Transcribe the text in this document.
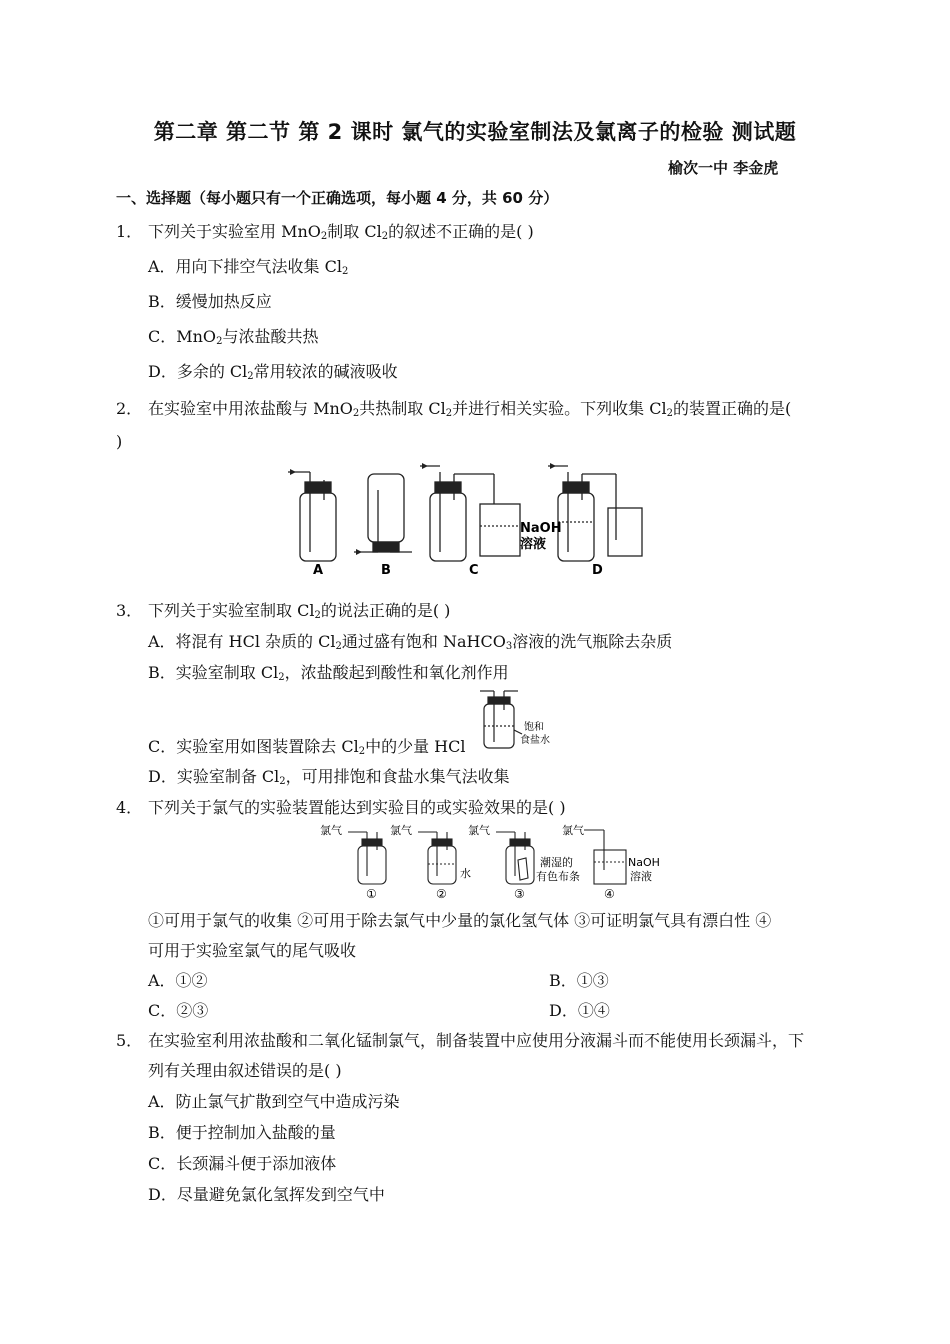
第二章 第二节 第 2 课时 氯气的实验室制法及氯离子的检验 测试题
榆次一中 李金虎
一、选择题（每小题只有一个正确选项，每小题 4 分，共 60 分）
1． 下列关于实验室用 MnO$_2$制取 $Cl_2$的叙述不正确的是( )
A．用向下排空气法收集 $Cl_2$
B．缓慢加热反应
C．MnO$_2$与浓盐酸共热
D．多余的 $Cl_2$常用较浓的碱液吸收
2． 在实验室中用浓盐酸与 MnO$_2$共热制取 $Cl_2$并进行相关实验。下列收集 $Cl_2$的装置正确的是(
)
NaOH
溶液
A	B	C	D
3． 下列关于实验室制取 $Cl_2$的说法正确的是( )
A．将混有 HCl 杂质的 $Cl_2$通过盛有饱和 NaHCO$_3$溶液的洗气瓶除去杂质
B．实验室制取 $Cl_2$，浓盐酸起到酸性和氧化剂作用
C．实验室用如图装置除去 $Cl_2$中的少量 HCl
饱和
食盐水
D．实验室制备 $Cl_2$，可用排饱和食盐水集气法收集
4． 下列关于氯气的实验装置能达到实验目的或实验效果的是( )
氯气	氯气	氯气	氯气
水
潮湿的
有色布条
NaOH
溶液
①	②	③	④
①可用于氯气的收集 ②可用于除去氯气中少量的氯化氢气体 ③可证明氯气具有漂白性 ④
可用于实验室氯气的尾气吸收
A．①②	B．①③
C．②③	D．①④
5． 在实验室利用浓盐酸和二氧化锰制氯气，制备装置中应使用分液漏斗而不能使用长颈漏斗，下
列有关理由叙述错误的是( )
A．防止氯气扩散到空气中造成污染
B．便于控制加入盐酸的量
C．长颈漏斗便于添加液体
D．尽量避免氯化氢挥发到空气中
